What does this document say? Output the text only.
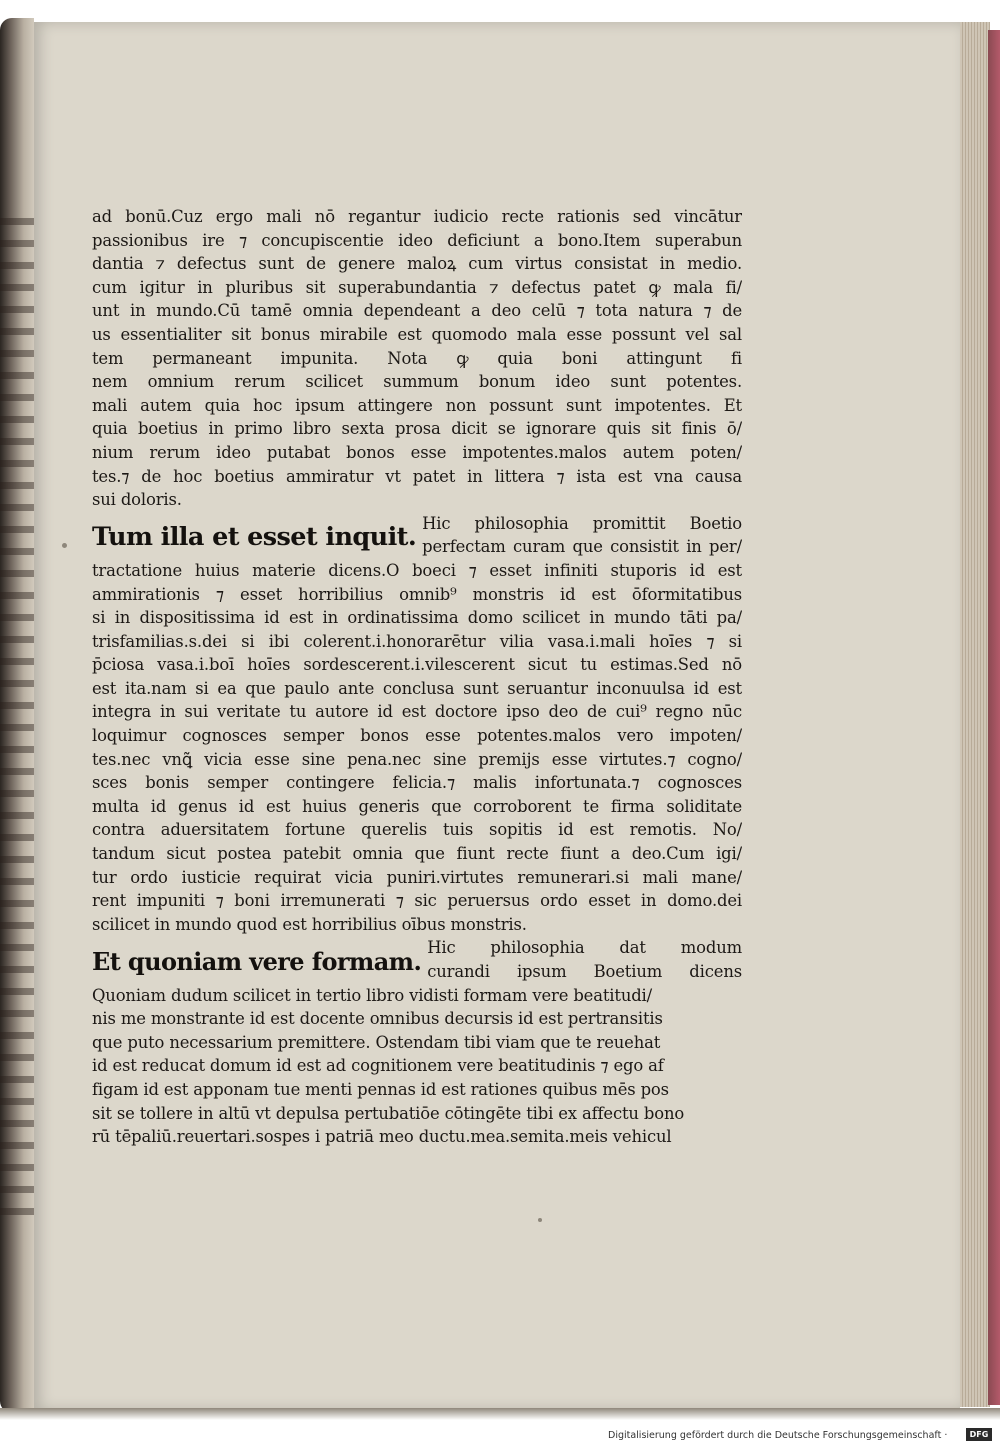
ad bonū.Cuz ergo mali nō regantur iudicio recte rationis sed vincātur
passionibus ire ⁊ concupiscentie ideo deficiunt a bono.Item superabun
dantia ⁊ defectus sunt de genere maloꝝ cum virtus consistat in medio.
cum igitur in pluribus sit superabundantia ⁊ defectus patet ꝙ mala fi/
unt in mundo.Cū tamē omnia dependeant a deo celū ⁊ tota natura ⁊ de
us essentialiter sit bonus mirabile est quomodo mala esse possunt vel sal
tem permaneant impunita. Nota ꝙ quia boni attingunt fi
nem omnium rerum scilicet summum bonum ideo sunt potentes.
mali autem quia hoc ipsum attingere non possunt sunt impotentes. Et
quia boetius in primo libro sexta prosa dicit se ignorare quis sit finis ō/
nium rerum ideo putabat bonos esse impotentes.malos autem poten/
tes.⁊ de hoc boetius ammiratur vt patet in littera ⁊ ista est vna causa
sui doloris.
Tum illa et esset inquit. Hic philosophia promittit Boetio
perfectam curam que consistit in per/
tractatione huius materie dicens.O boeci ⁊ esset infiniti stuporis id est
ammirationis ⁊ esset horribilius omnib⁹ monstris id est ōformitatibus
si in dispositissima id est in ordinatissima domo scilicet in mundo tāti pa/
trisfamilias.s.dei si ibi colerent.i.honorarētur vilia vasa.i.mali hoīes ⁊ si
p̄ciosa vasa.i.boī hoīes sordescerent.i.vilescerent sicut tu estimas.Sed nō
est ita.nam si ea que paulo ante conclusa sunt seruantur inconuulsa id est
integra in sui veritate tu autore id est doctore ipso deo de cui⁹ regno nūc
loquimur cognosces semper bonos esse potentes.malos vero impoten/
tes.nec vnꝗ͂ vicia esse sine pena.nec sine premijs esse virtutes.⁊ cogno/
sces bonis semper contingere felicia.⁊ malis infortunata.⁊ cognosces
multa id genus id est huius generis que corroborent te firma soliditate
contra aduersitatem fortune querelis tuis sopitis id est remotis. No/
tandum sicut postea patebit omnia que fiunt recte fiunt a deo.Cum igi/
tur ordo iusticie requirat vicia puniri.virtutes remunerari.si mali mane/
rent impuniti ⁊ boni irremunerati ⁊ sic peruersus ordo esset in domo.dei
scilicet in mundo quod est horribilius oībus monstris.
Et quoniam vere formam. Hic philosophia dat modum
curandi ipsum Boetium dicens
Quoniam dudum scilicet in tertio libro vidisti formam vere beatitudi/
nis me monstrante id est docente omnibus decursis id est pertransitis
que puto necessarium premittere. Ostendam tibi viam que te reuehat
id est reducat domum id est ad cognitionem vere beatitudinis ⁊ ego af
figam id est apponam tue menti pennas id est rationes quibus mēs pos
sit se tollere in altū vt depulsa pertubatiōe cōtingēte tibi ex affectu bono
rū tēpaliū.reuertari.sospes i patriā meo ductu.mea.semita.meis vehicul
Digitalisierung gefördert durch die Deutsche Forschungsgemeinschaft ·	DFG
